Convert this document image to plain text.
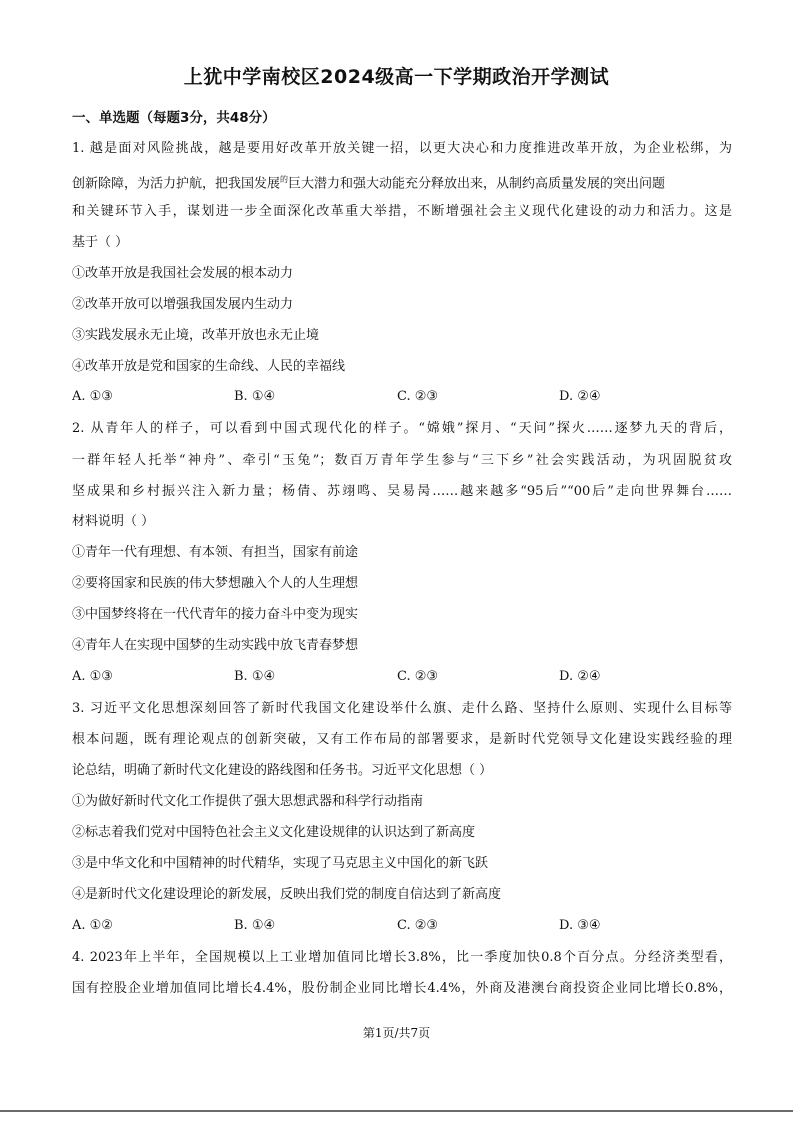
上犹中学南校区2024级高一下学期政治开学测试
一、单选题（每题3分，共48分）
1. 越是面对风险挑战，越是要用好改革开放关键一招，以更大决心和力度推进改革开放，为企业松绑，为
创新除障，为活力护航，把我国发展$^的$巨大潜力和强大动能充分释放出来，从制约高质量发展的突出问题
和关键环节入手，谋划进一步全面深化改革重大举措，不断增强社会主义现代化建设的动力和活力。这是
基于（ ）
①改革开放是我国社会发展的根本动力
②改革开放可以增强我国发展内生动力
③实践发展永无止境，改革开放也永无止境
④改革开放是党和国家的生命线、人民的幸福线
A. ①③	B. ①④	C. ②③	D. ②④
2. 从青年人的样子，可以看到中国式现代化的样子。“嫦娥”探月、“天问”探火……逐梦九天的背后，
一群年轻人托举“神舟”、牵引“玉兔”；数百万青年学生参与“三下乡”社会实践活动，为巩固脱贫攻
坚成果和乡村振兴注入新力量；杨倩、苏翊鸣、吴易昺……越来越多“95后”“00后”走向世界舞台……
材料说明（ ）
①青年一代有理想、有本领、有担当，国家有前途
②要将国家和民族的伟大梦想融入个人的人生理想
③中国梦终将在一代代青年的接力奋斗中变为现实
④青年人在实现中国梦的生动实践中放飞青春梦想
A. ①③	B. ①④	C. ②③	D. ②④
3. 习近平文化思想深刻回答了新时代我国文化建设举什么旗、走什么路、坚持什么原则、实现什么目标等
根本问题，既有理论观点的创新突破，又有工作布局的部署要求，是新时代党领导文化建设实践经验的理
论总结，明确了新时代文化建设的路线图和任务书。习近平文化思想（ ）
①为做好新时代文化工作提供了强大思想武器和科学行动指南
②标志着我们党对中国特色社会主义文化建设规律的认识达到了新高度
③是中华文化和中国精神的时代精华，实现了马克思主义中国化的新飞跃
④是新时代文化建设理论的新发展，反映出我们党的制度自信达到了新高度
A. ①②	B. ①④	C. ②③	D. ③④
4. 2023年上半年，全国规模以上工业增加值同比增长3.8%，比一季度加快0.8个百分点。分经济类型看，
国有控股企业增加值同比增长4.4%，股份制企业同比增长4.4%，外商及港澳台商投资企业同比增长0.8%，
第1页/共7页
